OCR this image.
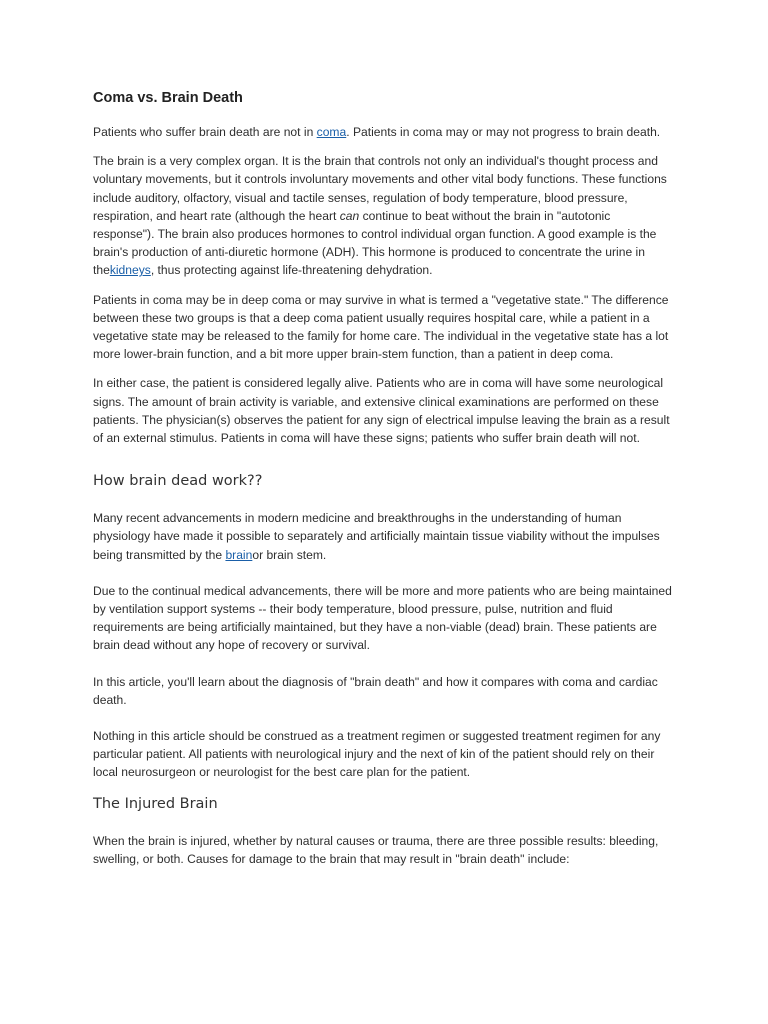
Coma vs. Brain Death

Patients who suffer brain death are not in coma. Patients in coma may or may not progress to brain death.

The brain is a very complex organ. It is the brain that controls not only an individual's thought process and voluntary movements, but it controls involuntary movements and other vital body functions. These functions include auditory, olfactory, visual and tactile senses, regulation of body temperature, blood pressure, respiration, and heart rate (although the heart can continue to beat without the brain in "autotonic response"). The brain also produces hormones to control individual organ function. A good example is the brain's production of anti-diuretic hormone (ADH). This hormone is produced to concentrate the urine in thekidneys, thus protecting against life-threatening dehydration.

Patients in coma may be in deep coma or may survive in what is termed a "vegetative state." The difference between these two groups is that a deep coma patient usually requires hospital care, while a patient in a vegetative state may be released to the family for home care. The individual in the vegetative state has a lot more lower-brain function, and a bit more upper brain-stem function, than a patient in deep coma.

In either case, the patient is considered legally alive. Patients who are in coma will have some neurological signs. The amount of brain activity is variable, and extensive clinical examinations are performed on these patients. The physician(s) observes the patient for any sign of electrical impulse leaving the brain as a result of an external stimulus. Patients in coma will have these signs; patients who suffer brain death will not.

How brain dead work??

Many recent advancements in modern medicine and breakthroughs in the understanding of human physiology have made it possible to separately and artificially maintain tissue viability without the impulses being transmitted by the brainor brain stem.

Due to the continual medical advancements, there will be more and more patients who are being maintained by ventilation support systems -- their body temperature, blood pressure, pulse, nutrition and fluid requirements are being artificially maintained, but they have a non-viable (dead) brain. These patients are brain dead without any hope of recovery or survival.

In this article, you'll learn about the diagnosis of "brain death" and how it compares with coma and cardiac death.

Nothing in this article should be construed as a treatment regimen or suggested treatment regimen for any particular patient. All patients with neurological injury and the next of kin of the patient should rely on their local neurosurgeon or neurologist for the best care plan for the patient.

The Injured Brain

When the brain is injured, whether by natural causes or trauma, there are three possible results: bleeding, swelling, or both. Causes for damage to the brain that may result in "brain death" include:
